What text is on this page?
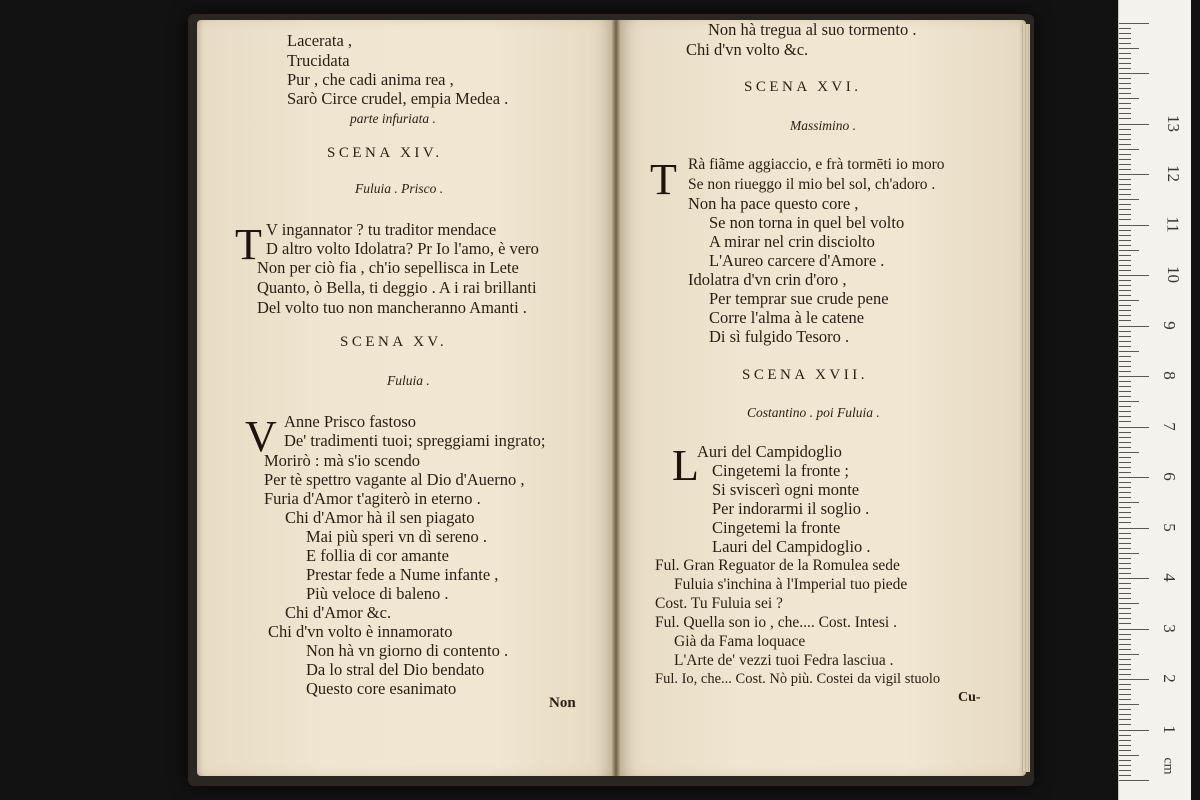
Lacerata ,
Trucidata
Pur , che cadi anima rea ,
Sarò Circe crudel, empia Medea .
parte infuriata .
SCENA XIV.
Fuluia . Prisco .
T V ingannator ? tu traditor mendace
D altro volto Idolatra? Pr Io l'amo, è vero
Non per ciò fia , ch'io sepellisca in Lete
Quanto, ò Bella, ti deggio . A i rai brillanti
Del volto tuo non mancheranno Amanti .
SCENA XV.
Fuluia .
V Anne Prisco fastoso
De' tradimenti tuoi; spreggiami ingrato;
Morirò : mà s'io scendo
Per tè spettro vagante al Dio d'Auerno ,
Furia d'Amor t'agiterò in eterno .
Chi d'Amor hà il sen piagato
Mai più speri vn dì sereno .
E follia di cor amante
Prestar fede a Nume infante ,
Più veloce di baleno .
Chi d'Amor &c.
Chi d'vn volto è innamorato
Non hà vn giorno di contento .
Da lo stral del Dio bendato
Questo core esanimato
Non
Non hà tregua al suo tormento .
Chi d'vn volto &c.
SCENA XVI.
Massimino .
T Rà fiãme aggiaccio, e frà tormēti io moro
Se non riueggo il mio bel sol, ch'adoro .
Non ha pace questo core ,
Se non torna in quel bel volto
A mirar nel crin disciolto
L'Aureo carcere d'Amore .
Idolatra d'vn crin d'oro ,
Per temprar sue crude pene
Corre l'alma à le catene
Di sì fulgido Tesoro .
SCENA XVII.
Costantino . poi Fuluia .
L
Auri del Campidoglio
Cingetemi la fronte ;
Si sviscerì ogni monte
Per indorarmi il soglio .
Cingetemi la fronte
Lauri del Campidoglio .
Ful. Gran Reguator de la Romulea sede
Fuluia s'inchina à l'Imperial tuo piede
Cost. Tu Fuluia sei ?
Ful. Quella son io , che.... Cost. Intesi .
Già da Fama loquace
L'Arte de' vezzi tuoi Fedra lasciua .
Ful. Io, che... Cost. Nò più. Costei da vigil stuolo
Cu-
cm
1
2
3
4
5
6
7
8
9
10
11
12
13
